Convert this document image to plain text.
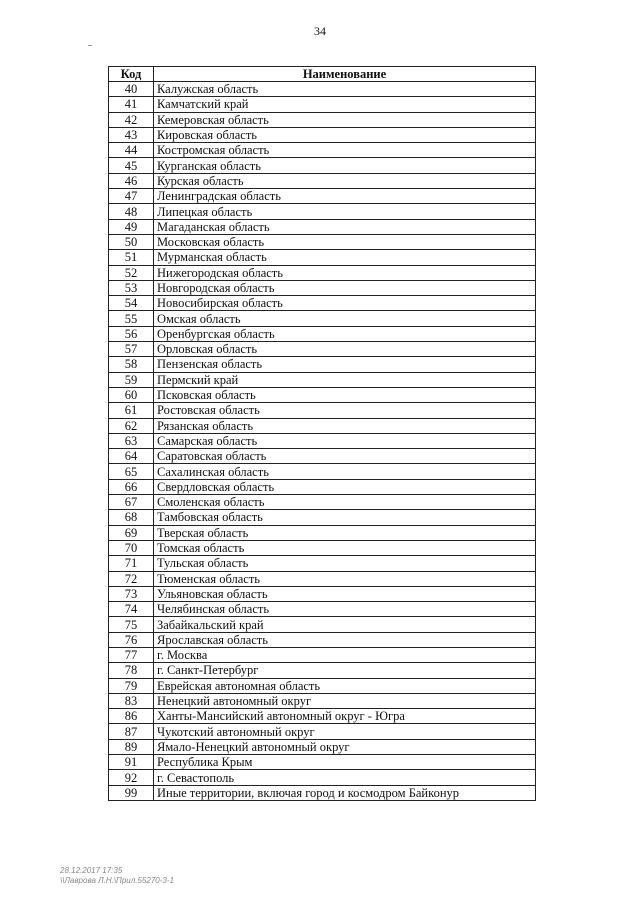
34
Код	Наименование
40	Калужская область
41	Камчатский край
42	Кемеровская область
43	Кировская область
44	Костромская область
45	Курганская область
46	Курская область
47	Ленинградская область
48	Липецкая область
49	Магаданская область
50	Московская область
51	Мурманская область
52	Нижегородская область
53	Новгородская область
54	Новосибирская область
55	Омская область
56	Оренбургская область
57	Орловская область
58	Пензенская область
59	Пермский край
60	Псковская область
61	Ростовская область
62	Рязанская область
63	Самарская область
64	Саратовская область
65	Сахалинская область
66	Свердловская область
67	Смоленская область
68	Тамбовская область
69	Тверская область
70	Томская область
71	Тульская область
72	Тюменская область
73	Ульяновская область
74	Челябинская область
75	Забайкальский край
76	Ярославская область
77	г. Москва
78	г. Санкт-Петербург
79	Еврейская автономная область
83	Ненецкий автономный округ
86	Ханты-Мансийский автономный округ - Югра
87	Чукотский автономный округ
89	Ямало-Ненецкий автономный округ
91	Республика Крым
92	г. Севастополь
99	Иные территории, включая город и космодром Байконур
28.12.2017 17:35
\\Лаврова Л.Н.\Прил.55270-3-1
